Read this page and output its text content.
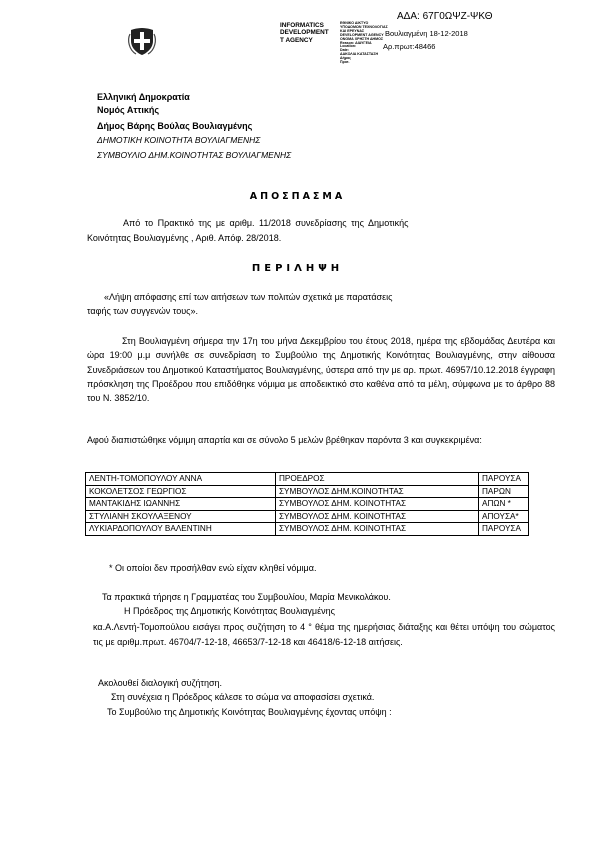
ΑΔΑ: 67Γ0ΩΨΖ-ΨΚΘ
INFORMATICS
DEVELOPMENT
T AGENCY
ΕΘΝΙΚΟ ΔΙΚΤΥΟ
ΥΠΟΔΟΜΩΝ ΤΕΧΝΟΛΟΓΙΑΣ
ΚΑΙ ΕΡΕΥΝΑΣ
DEVELOPMENT AGENCY
ΟΝΟΜΑ ΧΡΗΣΤΗ ΔΗΜΟΣ
Reason: ΔΙΑΥΓΕΙΑ
Location:
Date:
ΔΑΚΟΛΙΑ ΚΑΤΑΣΤΑΣΗ
Δήμος
Προτ.
Βουλιαγμένη 18-12-2018
Αρ.πρωτ:48466
Ελληνική Δημοκρατία
Νομός Αττικής
Δήμος Βάρης Βούλας Βουλιαγμένης
ΔΗΜΟΤΙΚΗ ΚΟΙΝΟΤΗΤΑ ΒΟΥΛΙΑΓΜΕΝΗΣ
ΣΥΜΒΟΥΛΙΟ ΔΗΜ.ΚΟΙΝΟΤΗΤΑΣ ΒΟΥΛΙΑΓΜΕΝΗΣ
ΑΠΟΣΠΑΣΜΑ
Από το Πρακτικό της με αριθμ. 11/2018 συνεδρίασης της Δημοτικής
Κοινότητας Βουλιαγμένης , Αριθ. Απόφ. 28/2018.
ΠΕΡΙΛΗΨΗ
«Λήψη απόφασης επί των αιτήσεων των πολιτών σχετικά με παρατάσεις
ταφής των συγγενών τους».
Στη Βουλιαγμένη σήμερα την 17η του μήνα Δεκεμβρίου του έτους 2018, ημέρα της εβδομάδας Δευτέρα και ώρα 19:00 μ.μ συνήλθε σε συνεδρίαση το Συμβούλιο της Δημοτικής Κοινότητας Βουλιαγμένης, στην αίθουσα Συνεδριάσεων του Δημοτικού Καταστήματος Βουλιαγμένης, ύστερα από την με αρ. πρωτ. 46957/10.12.2018 έγγραφη πρόσκληση της Προέδρου που επιδόθηκε νόμιμα με αποδεικτικό στο καθένα από τα μέλη, σύμφωνα με το άρθρο 88 του Ν. 3852/10.
Αφού διαπιστώθηκε νόμιμη απαρτία και σε σύνολο 5 μελών βρέθηκαν παρόντα 3 και συγκεκριμένα:
ΛΕΝΤΗ-ΤΟΜΟΠΟΥΛΟΥ ΑΝΝΑ	ΠΡΟΕΔΡΟΣ	ΠΑΡΟΥΣΑ
ΚΟΚΟΛΕΤΣΟΣ ΓΕΩΡΓΙΟΣ	ΣΥΜΒΟΥΛΟΣ ΔΗΜ.ΚΟΙΝΟΤΗΤΑΣ	ΠΑΡΩΝ
ΜΑΝΤΑΚΙΔΗΣ ΙΩΑΝΝΗΣ	ΣΥΜΒΟΥΛΟΣ ΔΗΜ. ΚΟΙΝΟΤΗΤΑΣ	ΑΠΩΝ *
ΣΤΥΛΙΑΝΗ ΣΚΟΥΛΑΞΕΝΟΥ	ΣΥΜΒΟΥΛΟΣ ΔΗΜ. ΚΟΙΝΟΤΗΤΑΣ	ΑΠΟΥΣΑ*
ΛΥΚΙΑΡΔΟΠΟΥΛΟΥ ΒΑΛΕΝΤΙΝΗ	ΣΥΜΒΟΥΛΟΣ ΔΗΜ. ΚΟΙΝΟΤΗΤΑΣ	ΠΑΡΟΥΣΑ
* Οι οποίοι δεν προσήλθαν ενώ είχαν κληθεί νόμιμα.
Τα πρακτικά τήρησε η Γραμματέας του Συμβουλίου, Μαρία Μενικολάκου.
Η Πρόεδρος της Δημοτικής Κοινότητας Βουλιαγμένης
κα.Α.Λεντή-Τομοπούλου εισάγει προς συζήτηση το 4 ° θέμα της ημερήσιας διάταξης και θέτει υπόψη του σώματος τις με αριθμ.πρωτ. 46704/7-12-18, 46653/7-12-18 και 46418/6-12-18 αιτήσεις.
Ακολουθεί διαλογική συζήτηση.
Στη συνέχεια η Πρόεδρος κάλεσε το σώμα να αποφασίσει σχετικά.
Το Συμβούλιο της Δημοτικής Κοινότητας Βουλιαγμένης έχοντας υπόψη :
